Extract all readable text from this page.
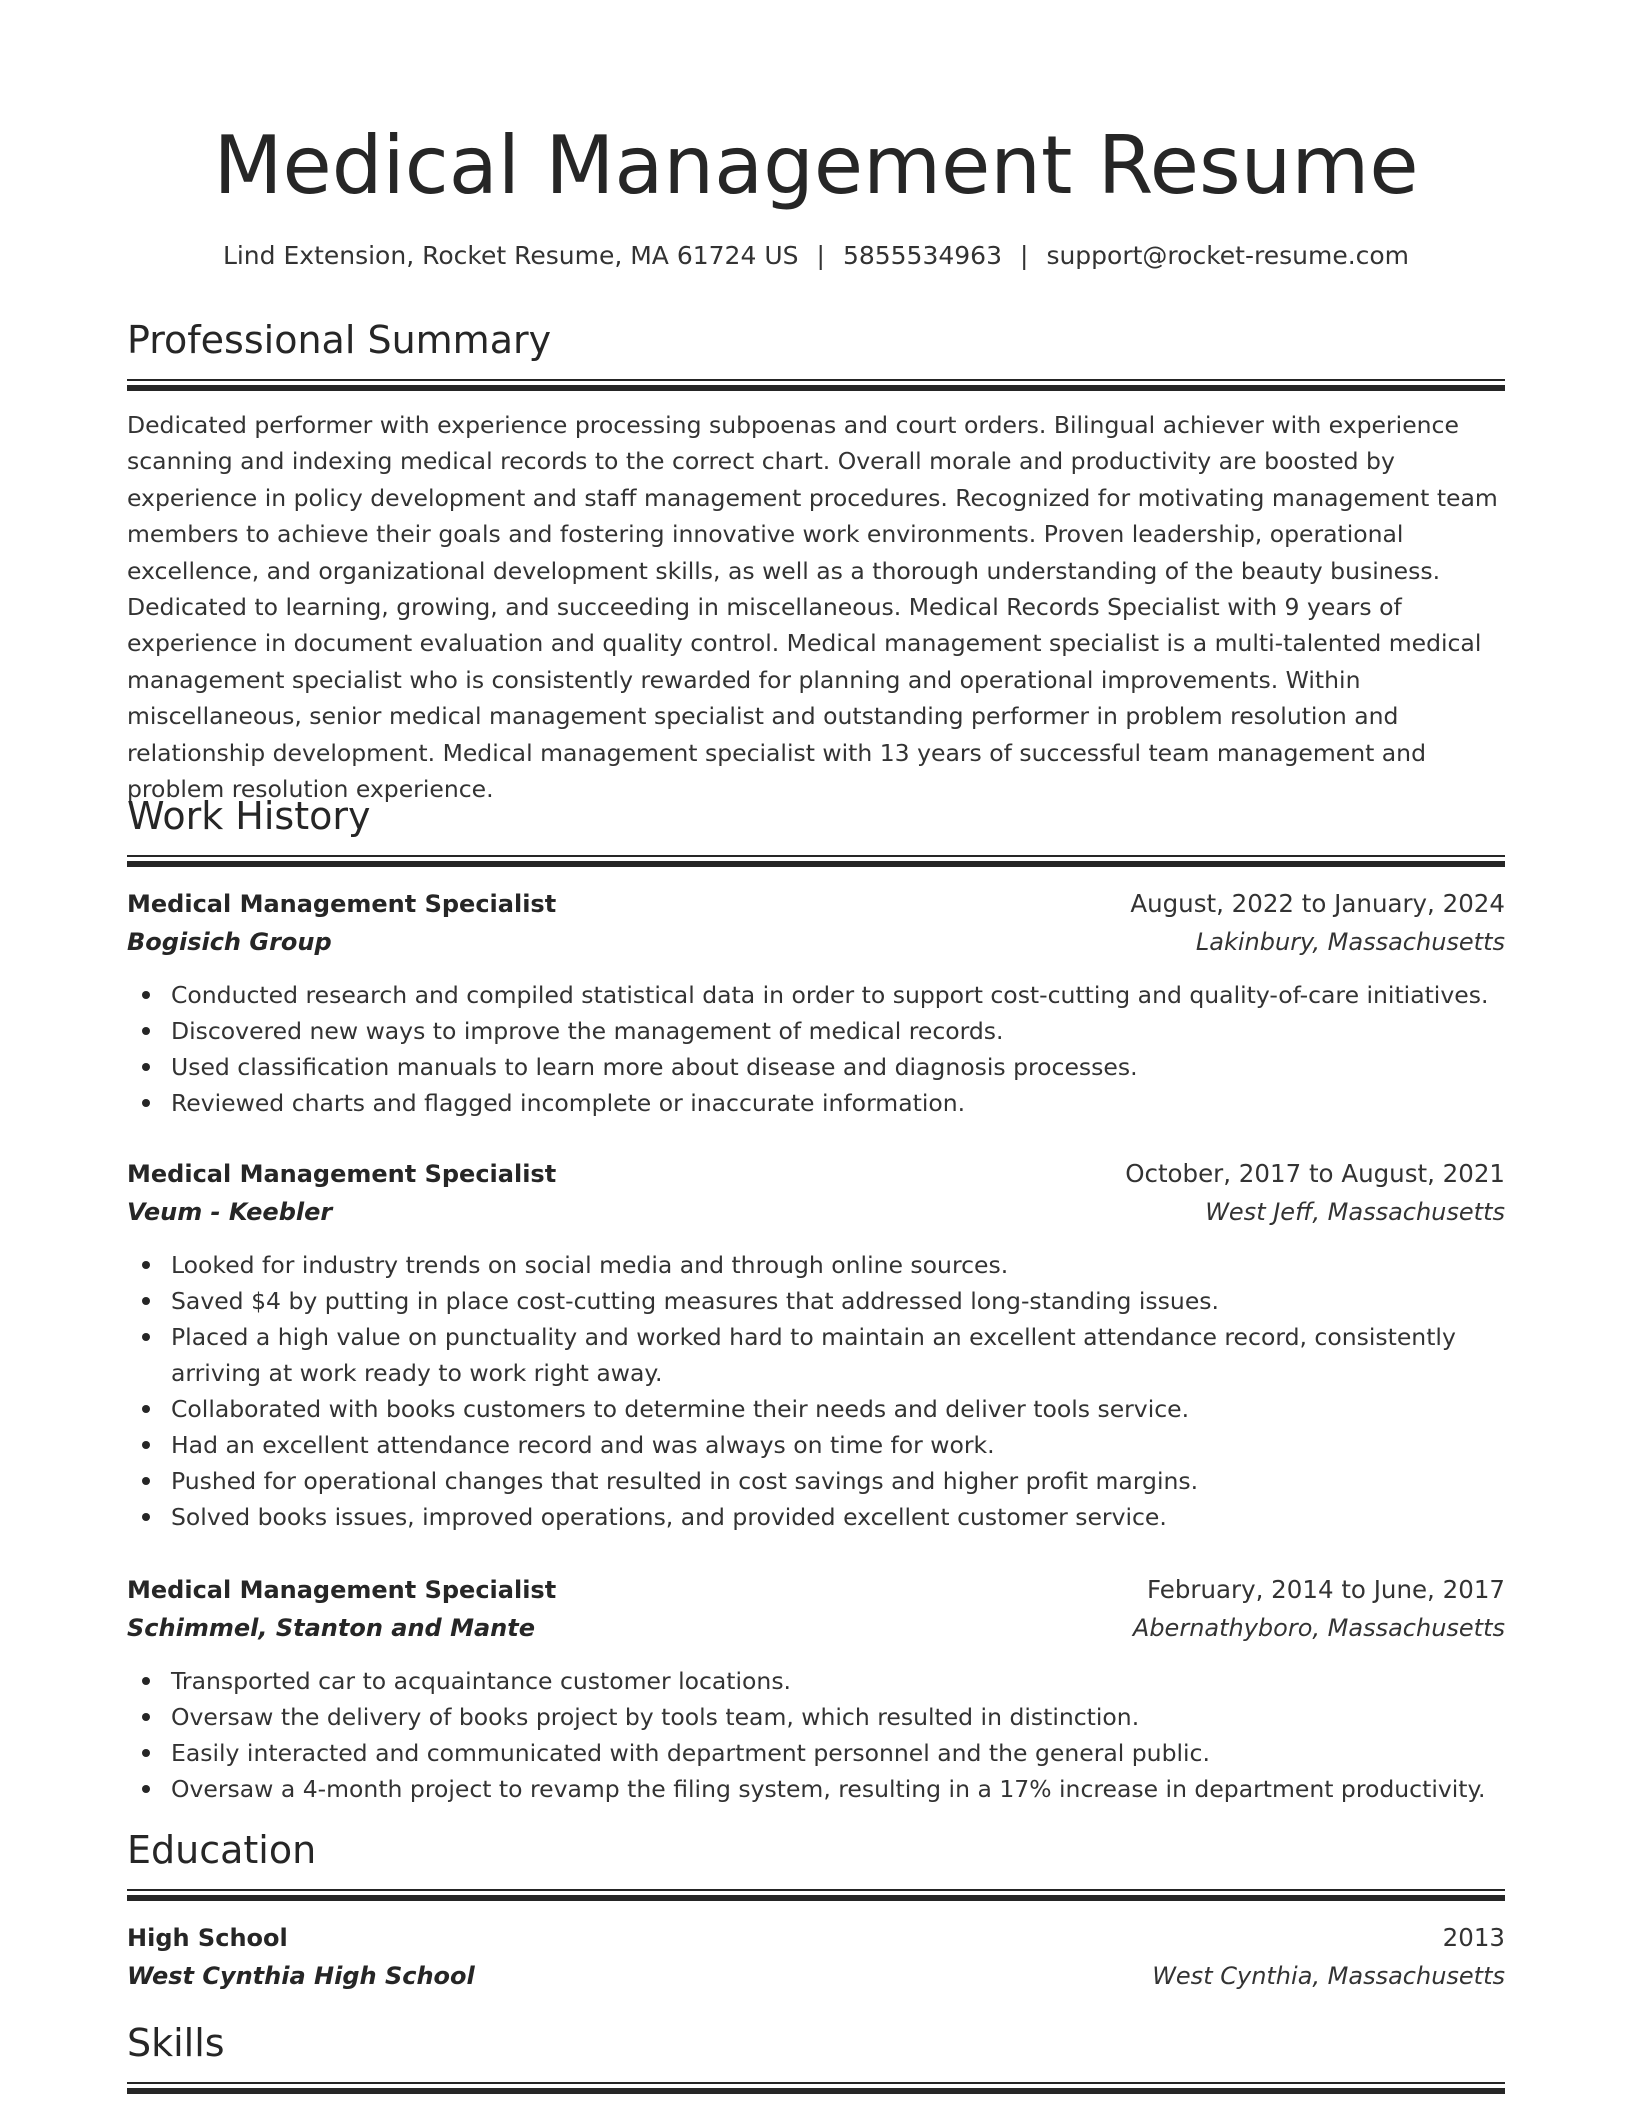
Medical Management Resume
Lind Extension, Rocket Resume, MA 61724 US | 5855534963 | support@rocket-resume.com
Professional Summary

Dedicated performer with experience processing subpoenas and court orders. Bilingual achiever with experience scanning and indexing medical records to the correct chart. Overall morale and productivity are boosted by experience in policy development and staff management procedures. Recognized for motivating management team members to achieve their goals and fostering innovative work environments. Proven leadership, operational excellence, and organizational development skills, as well as a thorough understanding of the beauty business. Dedicated to learning, growing, and succeeding in miscellaneous. Medical Records Specialist with 9 years of experience in document evaluation and quality control. Medical management specialist is a multi-talented medical management specialist who is consistently rewarded for planning and operational improvements. Within miscellaneous, senior medical management specialist and outstanding performer in problem resolution and relationship development. Medical management specialist with 13 years of successful team management and problem resolution experience.

Work History
Medical Management Specialist	August, 2022 to January, 2024
Bogisich Group	Lakinbury, Massachusetts
Conducted research and compiled statistical data in order to support cost-cutting and quality-of-care initiatives.
Discovered new ways to improve the management of medical records.
Used classification manuals to learn more about disease and diagnosis processes.
Reviewed charts and flagged incomplete or inaccurate information.
Medical Management Specialist	October, 2017 to August, 2021
Veum - Keebler	West Jeff, Massachusetts
Looked for industry trends on social media and through online sources.
Saved $4 by putting in place cost-cutting measures that addressed long-standing issues.
Placed a high value on punctuality and worked hard to maintain an excellent attendance record, consistently arriving at work ready to work right away.
Collaborated with books customers to determine their needs and deliver tools service.
Had an excellent attendance record and was always on time for work.
Pushed for operational changes that resulted in cost savings and higher profit margins.
Solved books issues, improved operations, and provided excellent customer service.
Medical Management Specialist	February, 2014 to June, 2017
Schimmel, Stanton and Mante	Abernathyboro, Massachusetts
Transported car to acquaintance customer locations.
Oversaw the delivery of books project by tools team, which resulted in distinction.
Easily interacted and communicated with department personnel and the general public.
Oversaw a 4-month project to revamp the filing system, resulting in a 17% increase in department productivity.
Education
High School	2013
West Cynthia High School	West Cynthia, Massachusetts
Skills
